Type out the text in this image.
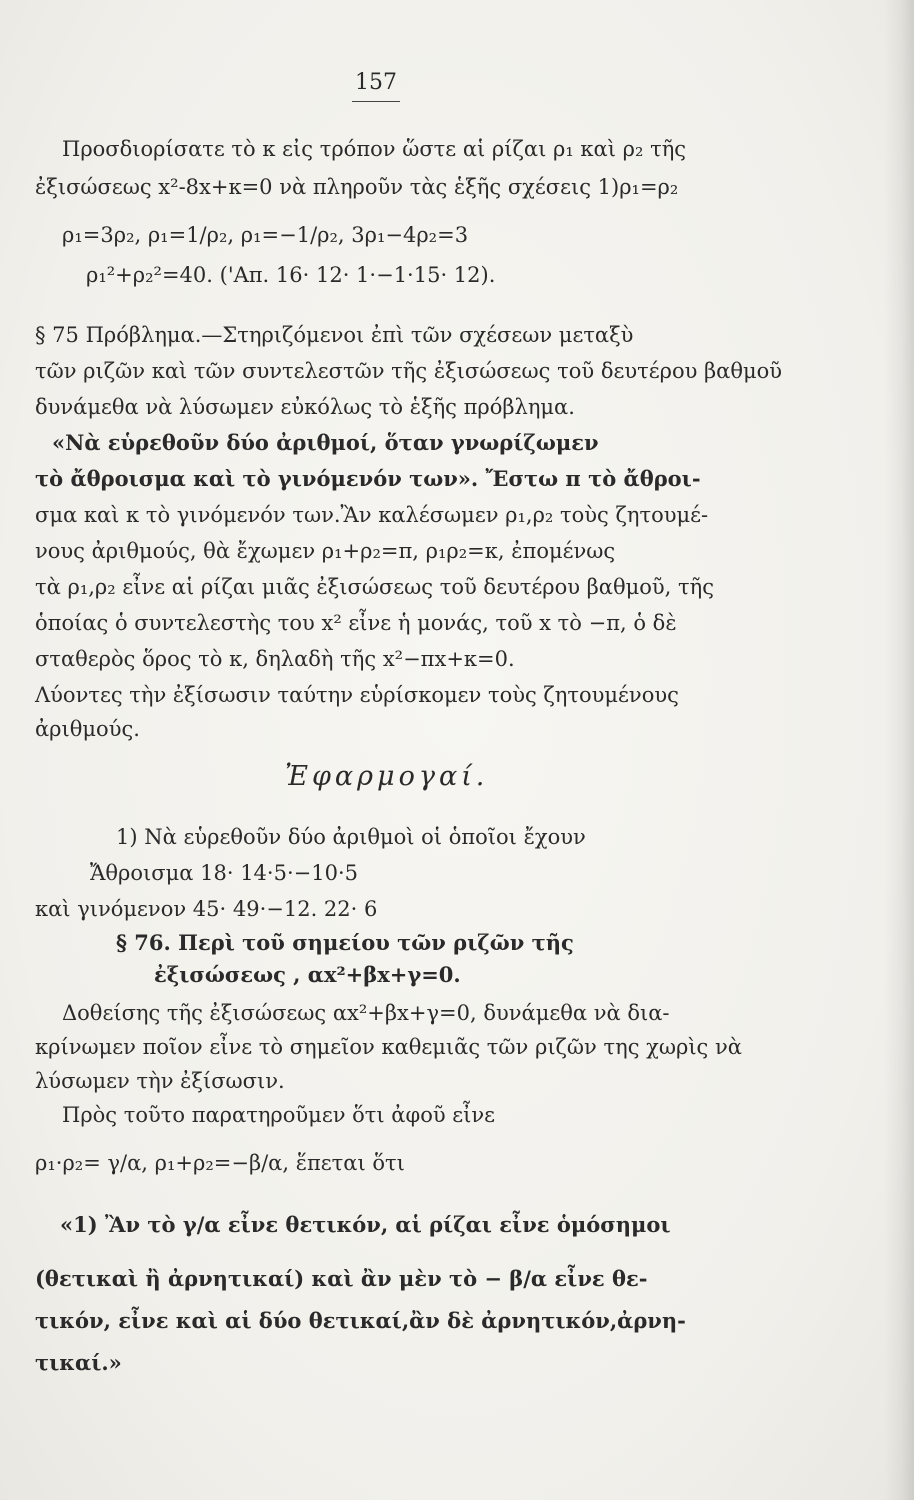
157
Προσδιορίσατε τὸ κ εἰς τρόπον ὥστε αἱ ρίζαι ρ₁ καὶ ρ₂ τῆς
ἐξισώσεως x²-8x+κ=0 νὰ πληροῦν τὰς ἑξῆς σχέσεις 1)ρ₁=ρ₂
ρ₁=3ρ₂, ρ₁=1/ρ₂, ρ₁=−1/ρ₂, 3ρ₁−4ρ₂=3
ρ₁²+ρ₂²=40. ('Απ. 16· 12· 1·−1·15· 12).
§ 75 Πρόβλημα.—Στηριζόμενοι ἐπὶ τῶν σχέσεων μεταξὺ
τῶν ριζῶν καὶ τῶν συντελεστῶν τῆς ἐξισώσεως τοῦ δευτέρου βαθμοῦ
δυνάμεθα νὰ λύσωμεν εὐκόλως τὸ ἑξῆς πρόβλημα.
«Νὰ εὑρεθοῦν δύο ἀριθμοί, ὅταν γνωρίζωμεν
τὸ ἄθροισμα καὶ τὸ γινόμενόν των». Ἔστω π τὸ ἄθροι-
σμα καὶ κ τὸ γινόμενόν των.Ἂν καλέσωμεν ρ₁,ρ₂ τοὺς ζητουμέ-
νους ἀριθμούς, θὰ ἔχωμεν ρ₁+ρ₂=π, ρ₁ρ₂=κ, ἐπομένως
τὰ ρ₁,ρ₂ εἶνε αἱ ρίζαι μιᾶς ἐξισώσεως τοῦ δευτέρου βαθμοῦ, τῆς
ὁποίας ὁ συντελεστὴς του x² εἶνε ἡ μονάς, τοῦ x τὸ −π, ὁ δὲ
σταθερὸς ὅρος τὸ κ, δηλαδὴ τῆς x²−πx+κ=0.
Λύοντες τὴν ἐξίσωσιν ταύτην εὑρίσκομεν τοὺς ζητουμένους
ἀριθμούς.
Ἐφαρμογαί.
1) Νὰ εὑρεθοῦν δύο ἀριθμοὶ οἱ ὁποῖοι ἔχουν
Ἄθροισμα 18· 14·5·−10·5
καὶ γινόμενον 45· 49·−12. 22· 6
§ 76. Περὶ τοῦ σημείου τῶν ριζῶν τῆς
ἐξισώσεως , αx²+βx+γ=0.
Δοθείσης τῆς ἐξισώσεως αx²+βx+γ=0, δυνάμεθα νὰ δια-
κρίνωμεν ποῖον εἶνε τὸ σημεῖον καθεμιᾶς τῶν ριζῶν της χωρὶς νὰ
λύσωμεν τὴν ἐξίσωσιν.
Πρὸς τοῦτο παρατηροῦμεν ὅτι ἀφοῦ εἶνε
ρ₁·ρ₂= γ/α, ρ₁+ρ₂=−β/α, ἕπεται ὅτι
«1) Ἂν τὸ γ/α εἶνε θετικόν, αἱ ρίζαι εἶνε ὁμόσημοι
(θετικαὶ ἢ ἀρνητικαί) καὶ ἂν μὲν τὸ − β/α εἶνε θε-
τικόν, εἶνε καὶ αἱ δύο θετικαί,ἂν δὲ ἀρνητικόν,ἀρνη-
τικαί.»
